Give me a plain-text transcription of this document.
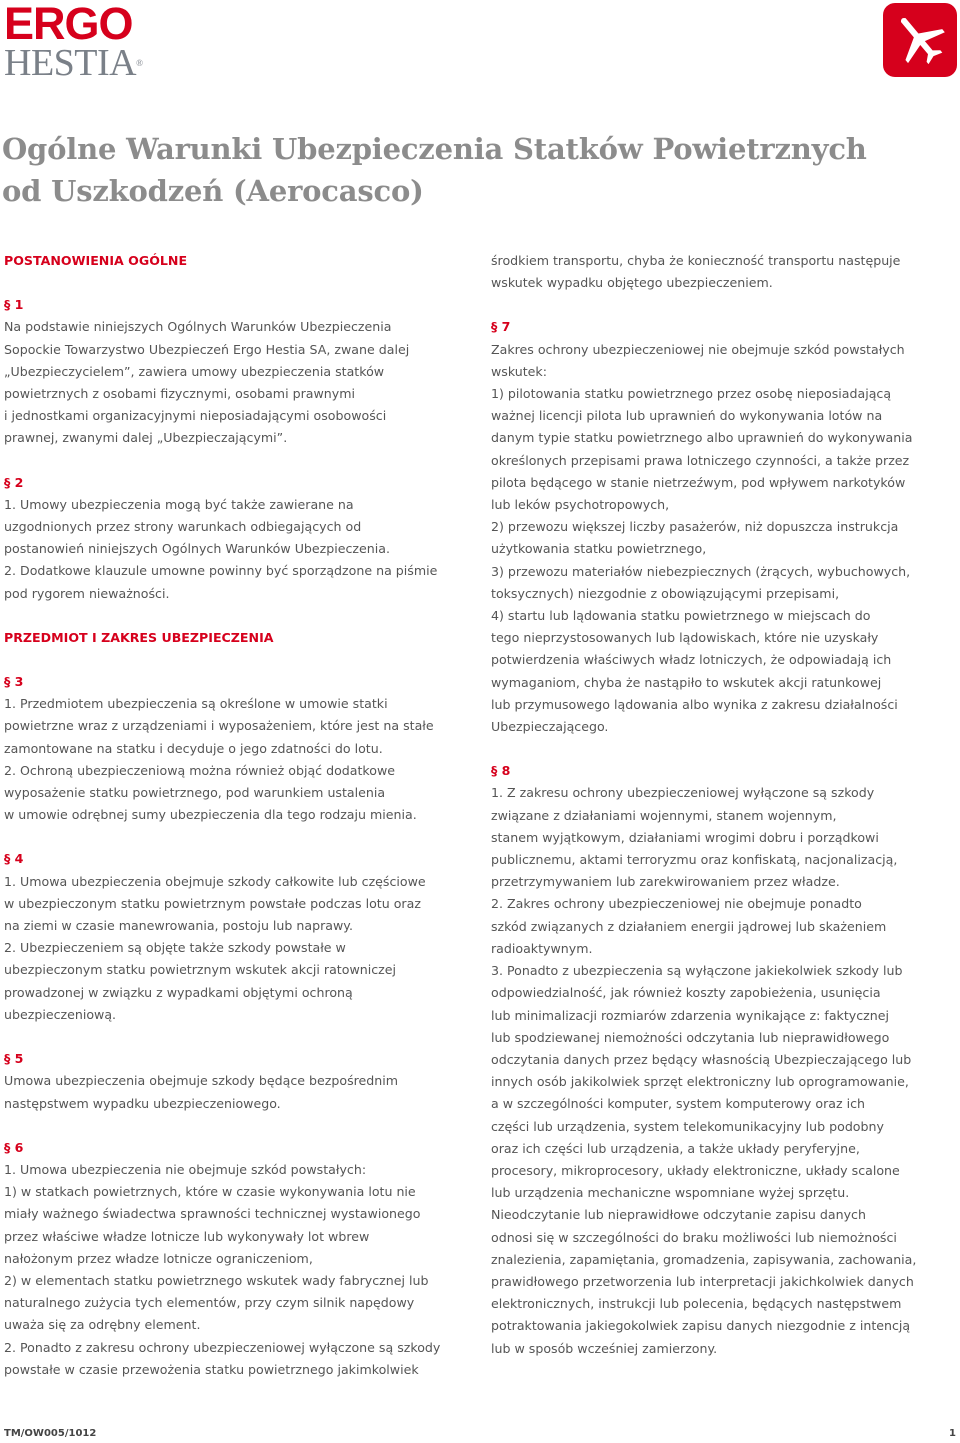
ERGO
HESTIA®
Ogólne Warunki Ubezpieczenia Statków Powietrznych
od Uszkodzeń (Aerocasco)
POSTANOWIENIA OGÓLNE
§ 1
Na podstawie niniejszych Ogólnych Warunków Ubezpieczenia
Sopockie Towarzystwo Ubezpieczeń Ergo Hestia SA, zwane dalej
„Ubezpieczycielem”, zawiera umowy ubezpieczenia statków
powietrznych z osobami fizycznymi, osobami prawnymi
i jednostkami organizacyjnymi nieposiadającymi osobowości
prawnej, zwanymi dalej „Ubezpieczającymi”.
§ 2
1. Umowy ubezpieczenia mogą być także zawierane na
uzgodnionych przez strony warunkach odbiegających od
postanowień niniejszych Ogólnych Warunków Ubezpieczenia.
2. Dodatkowe klauzule umowne powinny być sporządzone na piśmie
pod rygorem nieważności.
PRZEDMIOT I ZAKRES UBEZPIECZENIA
§ 3
1. Przedmiotem ubezpieczenia są określone w umowie statki
powietrzne wraz z urządzeniami i wyposażeniem, które jest na stałe
zamontowane na statku i decyduje o jego zdatności do lotu.
2. Ochroną ubezpieczeniową można również objąć dodatkowe
wyposażenie statku powietrznego, pod warunkiem ustalenia
w umowie odrębnej sumy ubezpieczenia dla tego rodzaju mienia.
§ 4
1. Umowa ubezpieczenia obejmuje szkody całkowite lub częściowe
w ubezpieczonym statku powietrznym powstałe podczas lotu oraz
na ziemi w czasie manewrowania, postoju lub naprawy.
2. Ubezpieczeniem są objęte także szkody powstałe w
ubezpieczonym statku powietrznym wskutek akcji ratowniczej
prowadzonej w związku z wypadkami objętymi ochroną
ubezpieczeniową.
§ 5
Umowa ubezpieczenia obejmuje szkody będące bezpośrednim
następstwem wypadku ubezpieczeniowego.
§ 6
1. Umowa ubezpieczenia nie obejmuje szkód powstałych:
1) w statkach powietrznych, które w czasie wykonywania lotu nie
miały ważnego świadectwa sprawności technicznej wystawionego
przez właściwe władze lotnicze lub wykonywały lot wbrew
nałożonym przez władze lotnicze ograniczeniom,
2) w elementach statku powietrznego wskutek wady fabrycznej lub
naturalnego zużycia tych elementów, przy czym silnik napędowy
uważa się za odrębny element.
2. Ponadto z zakresu ochrony ubezpieczeniowej wyłączone są szkody
powstałe w czasie przewożenia statku powietrznego jakimkolwiek
środkiem transportu, chyba że konieczność transportu następuje
wskutek wypadku objętego ubezpieczeniem.
§ 7
Zakres ochrony ubezpieczeniowej nie obejmuje szkód powstałych
wskutek:
1) pilotowania statku powietrznego przez osobę nieposiadającą
ważnej licencji pilota lub uprawnień do wykonywania lotów na
danym typie statku powietrznego albo uprawnień do wykonywania
określonych przepisami prawa lotniczego czynności, a także przez
pilota będącego w stanie nietrzeźwym, pod wpływem narkotyków
lub leków psychotropowych,
2) przewozu większej liczby pasażerów, niż dopuszcza instrukcja
użytkowania statku powietrznego,
3) przewozu materiałów niebezpiecznych (żrących, wybuchowych,
toksycznych) niezgodnie z obowiązującymi przepisami,
4) startu lub lądowania statku powietrznego w miejscach do
tego nieprzystosowanych lub lądowiskach, które nie uzyskały
potwierdzenia właściwych władz lotniczych, że odpowiadają ich
wymaganiom, chyba że nastąpiło to wskutek akcji ratunkowej
lub przymusowego lądowania albo wynika z zakresu działalności
Ubezpieczającego.
§ 8
1. Z zakresu ochrony ubezpieczeniowej wyłączone są szkody
związane z działaniami wojennymi, stanem wojennym,
stanem wyjątkowym, działaniami wrogimi dobru i porządkowi
publicznemu, aktami terroryzmu oraz konfiskatą, nacjonalizacją,
przetrzymywaniem lub zarekwirowaniem przez władze.
2. Zakres ochrony ubezpieczeniowej nie obejmuje ponadto
szkód związanych z działaniem energii jądrowej lub skażeniem
radioaktywnym.
3. Ponadto z ubezpieczenia są wyłączone jakiekolwiek szkody lub
odpowiedzialność, jak również koszty zapobieżenia, usunięcia
lub minimalizacji rozmiarów zdarzenia wynikające z: faktycznej
lub spodziewanej niemożności odczytania lub nieprawidłowego
odczytania danych przez będący własnością Ubezpieczającego lub
innych osób jakikolwiek sprzęt elektroniczny lub oprogramowanie,
a w szczególności komputer, system komputerowy oraz ich
części lub urządzenia, system telekomunikacyjny lub podobny
oraz ich części lub urządzenia, a także układy peryferyjne,
procesory, mikroprocesory, układy elektroniczne, układy scalone
lub urządzenia mechaniczne wspomniane wyżej sprzętu.
Nieodczytanie lub nieprawidłowe odczytanie zapisu danych
odnosi się w szczególności do braku możliwości lub niemożności
znalezienia, zapamiętania, gromadzenia, zapisywania, zachowania,
prawidłowego przetworzenia lub interpretacji jakichkolwiek danych
elektronicznych, instrukcji lub polecenia, będących następstwem
potraktowania jakiegokolwiek zapisu danych niezgodnie z intencją
lub w sposób wcześniej zamierzony.
TM/OW005/1012	1
